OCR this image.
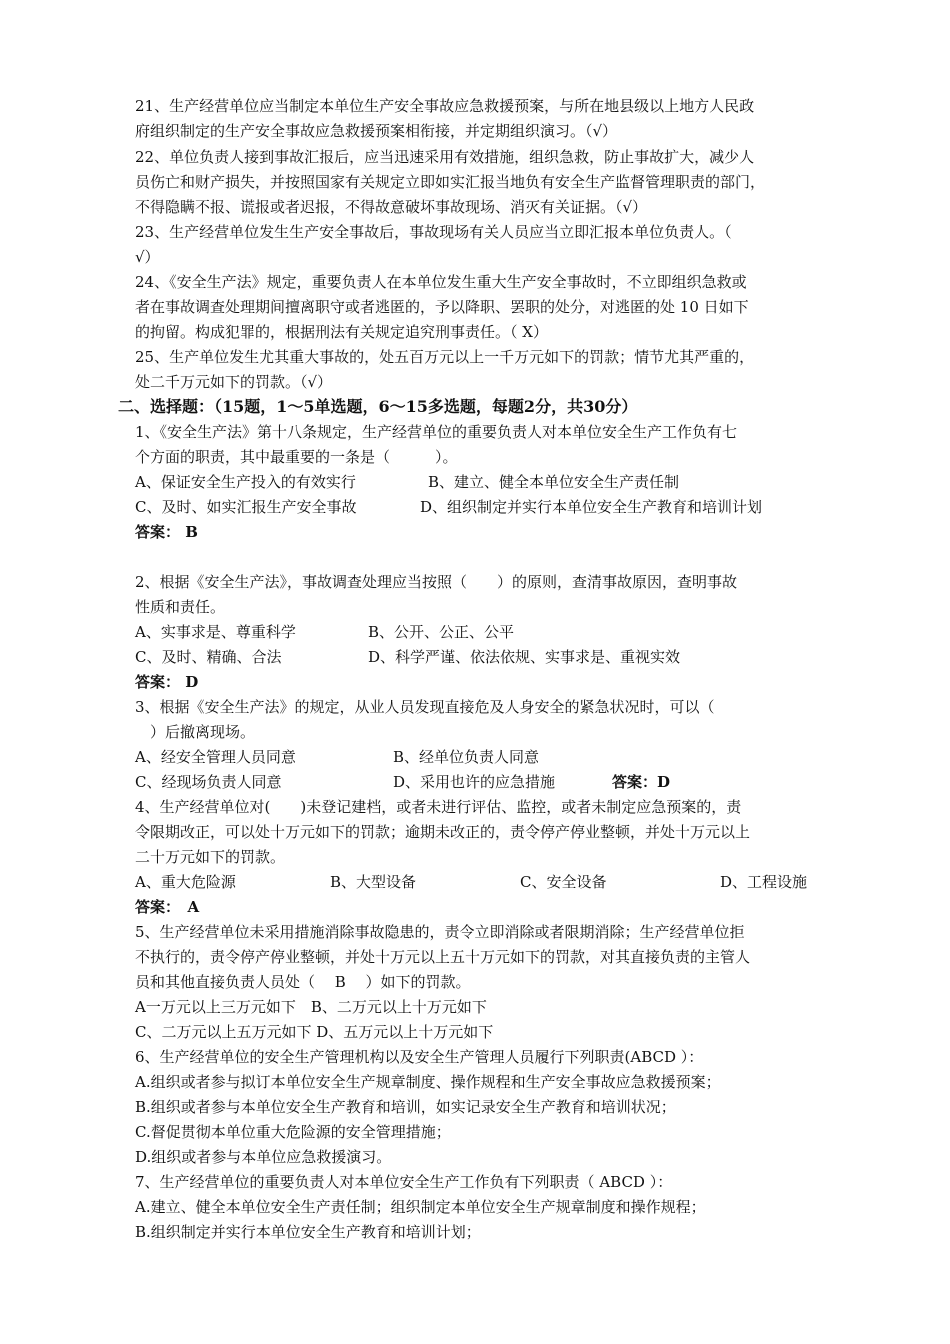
21、生产经营单位应当制定本单位生产安全事故应急救援预案，与所在地县级以上地方人民政
府组织制定的生产安全事故应急救援预案相衔接，并定期组织演习。（√）
22、单位负责人接到事故汇报后，应当迅速采用有效措施，组织急救，防止事故扩大，减少人
员伤亡和财产损失，并按照国家有关规定立即如实汇报当地负有安全生产监督管理职责的部门，
不得隐瞒不报、谎报或者迟报，不得故意破坏事故现场、消灭有关证据。（√）
23、生产经营单位发生生产安全事故后，事故现场有关人员应当立即汇报本单位负责人。（
√）
24、《安全生产法》规定，重要负责人在本单位发生重大生产安全事故时，不立即组织急救或
者在事故调查处理期间擅离职守或者逃匿的，予以降职、罢职的处分，对逃匿的处 10 日如下
的拘留。构成犯罪的，根据刑法有关规定追究刑事责任。（ X）
25、生产单位发生尤其重大事故的，处五百万元以上一千万元如下的罚款；情节尤其严重的，
处二千万元如下的罚款。（√）
二、选择题：（15题，1～5单选题，6～15多选题，每题2分，共30分）
1、《安全生产法》第十八条规定，生产经营单位的重要负责人对本单位安全生产工作负有七
个方面的职责，其中最重要的一条是（　　　）。
A、保证安全生产投入的有效实行	B、建立、健全本单位安全生产责任制
C、及时、如实汇报生产安全事故	D、组织制定并实行本单位安全生产教育和培训计划
答案： B
2、根据《安全生产法》，事故调查处理应当按照（　　）的原则，查清事故原因，查明事故
性质和责任。
A、实事求是、尊重科学	B、公开、公正、公平
C、及时、精确、合法	D、科学严谨、依法依规、实事求是、重视实效
答案： D
3、根据《安全生产法》的规定，从业人员发现直接危及人身安全的紧急状况时，可以（
　）后撤离现场。
A、经安全管理人员同意	B、经单位负责人同意
C、经现场负责人同意	D、采用也许的应急措施	答案：D
4、生产经营单位对(　　)未登记建档，或者未进行评估、监控，或者未制定应急预案的，责
令限期改正，可以处十万元如下的罚款；逾期未改正的，责令停产停业整顿，并处十万元以上
二十万元如下的罚款。
A、重大危险源	B、大型设备	C、安全设备	D、工程设施
答案：　A
5、生产经营单位未采用措施消除事故隐患的，责令立即消除或者限期消除；生产经营单位拒
不执行的，责令停产停业整顿，并处十万元以上五十万元如下的罚款，对其直接负责的主管人
员和其他直接负责人员处（　 B　 ）如下的罚款。
A一万元以上三万元如下　B、二万元以上十万元如下
C、二万元以上五万元如下 D、五万元以上十万元如下
6、生产经营单位的安全生产管理机构以及安全生产管理人员履行下列职责(ABCD ）：
A.组织或者参与拟订本单位安全生产规章制度、操作规程和生产安全事故应急救援预案；
B.组织或者参与本单位安全生产教育和培训，如实记录安全生产教育和培训状况；
C.督促贯彻本单位重大危险源的安全管理措施；
D.组织或者参与本单位应急救援演习。
7、生产经营单位的重要负责人对本单位安全生产工作负有下列职责（ ABCD ）：
A.建立、健全本单位安全生产责任制；组织制定本单位安全生产规章制度和操作规程；
B.组织制定并实行本单位安全生产教育和培训计划；
